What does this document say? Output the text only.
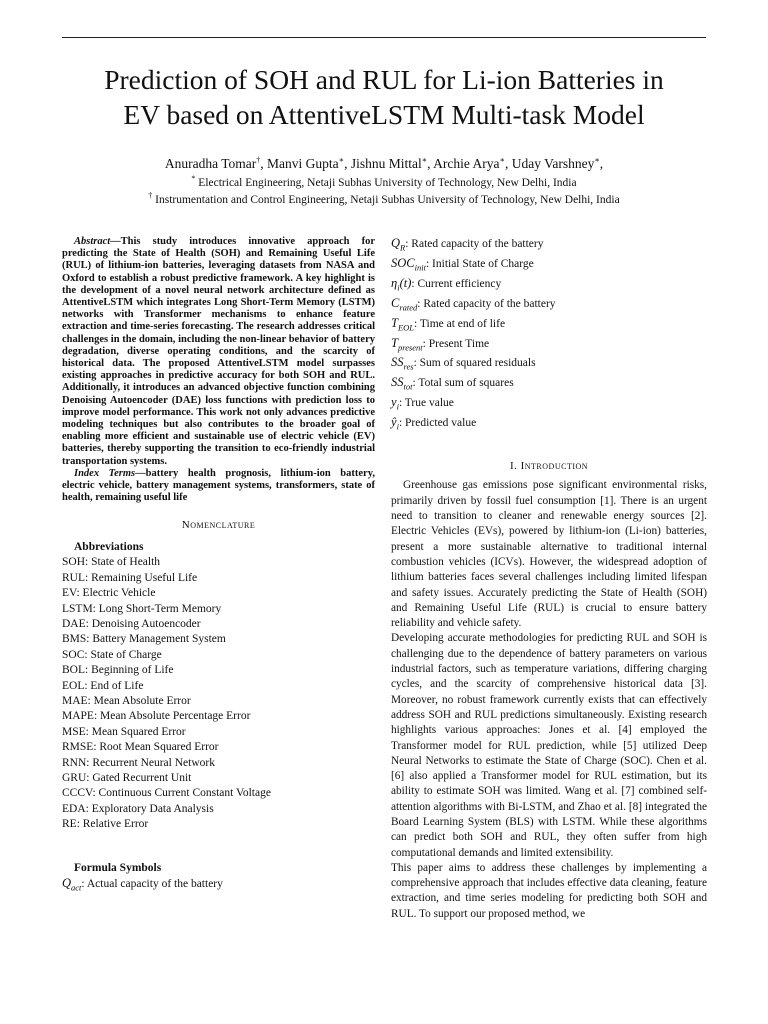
Prediction of SOH and RUL for Li-ion Batteries in
EV based on AttentiveLSTM Multi-task Model
Anuradha Tomar†, Manvi Gupta∗, Jishnu Mittal∗, Archie Arya∗, Uday Varshney∗,
* Electrical Engineering, Netaji Subhas University of Technology, New Delhi, India
† Instrumentation and Control Engineering, Netaji Subhas University of Technology, New Delhi, India

Abstract—This study introduces innovative approach for predicting the State of Health (SOH) and Remaining Useful Life (RUL) of lithium-ion batteries, leveraging datasets from NASA and Oxford to establish a robust predictive framework. A key highlight is the development of a novel neural network architecture defined as AttentiveLSTM which integrates Long Short-Term Memory (LSTM) networks with Transformer mechanisms to enhance feature extraction and time-series forecasting. The research addresses critical challenges in the domain, including the non-linear behavior of battery degradation, diverse operating conditions, and the scarcity of historical data. The proposed AttentiveLSTM model surpasses existing approaches in predictive accuracy for both SOH and RUL. Additionally, it introduces an advanced objective function combining Denoising Autoencoder (DAE) loss functions with prediction loss to improve model performance. This work not only advances predictive modeling techniques but also contributes to the broader goal of enabling more efficient and sustainable use of electric vehicle (EV) batteries, thereby supporting the transition to eco-friendly industrial transportation systems.

Index Terms—battery health prognosis, lithium-ion battery, electric vehicle, battery management systems, transformers, state of health, remaining useful life

Nomenclature

Abbreviations

SOH: State of Health
RUL: Remaining Useful Life
EV: Electric Vehicle
LSTM: Long Short-Term Memory
DAE: Denoising Autoencoder
BMS: Battery Management System
SOC: State of Charge
BOL: Beginning of Life
EOL: End of Life
MAE: Mean Absolute Error
MAPE: Mean Absolute Percentage Error
MSE: Mean Squared Error
RMSE: Root Mean Squared Error
RNN: Recurrent Neural Network
GRU: Gated Recurrent Unit
CCCV: Continuous Current Constant Voltage
EDA: Exploratory Data Analysis
RE: Relative Error

Formula Symbols

$Q_{act}$: Actual capacity of the battery
$Q_R$: Rated capacity of the battery
$SOC_{init}$: Initial State of Charge
$\eta_i(t)$: Current efficiency
$C_{rated}$: Rated capacity of the battery
$T_{EOL}$: Time at end of life
$T_{present}$: Present Time
$SS_{res}$: Sum of squared residuals
$SS_{tot}$: Total sum of squares
$y_i$: True value
$ŷ_i$: Predicted value

I. Introduction

Greenhouse gas emissions pose significant environmental risks, primarily driven by fossil fuel consumption [1]. There is an urgent need to transition to cleaner and renewable energy sources [2]. Electric Vehicles (EVs), powered by lithium-ion (Li-ion) batteries, present a more sustainable alternative to traditional internal combustion vehicles (ICVs). However, the widespread adoption of lithium batteries faces several challenges including limited lifespan and safety issues. Accurately predicting the State of Health (SOH) and Remaining Useful Life (RUL) is crucial to ensure battery reliability and vehicle safety.

Developing accurate methodologies for predicting RUL and SOH is challenging due to the dependence of battery parameters on various industrial factors, such as temperature variations, differing charging cycles, and the scarcity of comprehensive historical data [3]. Moreover, no robust framework currently exists that can effectively address SOH and RUL predictions simultaneously. Existing research highlights various approaches: Jones et al. [4] employed the Transformer model for RUL prediction, while [5] utilized Deep Neural Networks to estimate the State of Charge (SOC). Chen et al. [6] also applied a Transformer model for RUL estimation, but its ability to estimate SOH was limited. Wang et al. [7] combined self-attention algorithms with Bi-LSTM, and Zhao et al. [8] integrated the Board Learning System (BLS) with LSTM. While these algorithms can predict both SOH and RUL, they often suffer from high computational demands and limited extensibility.

This paper aims to address these challenges by implementing a comprehensive approach that includes effective data cleaning, feature extraction, and time series modeling for predicting both SOH and RUL. To support our proposed method, we
